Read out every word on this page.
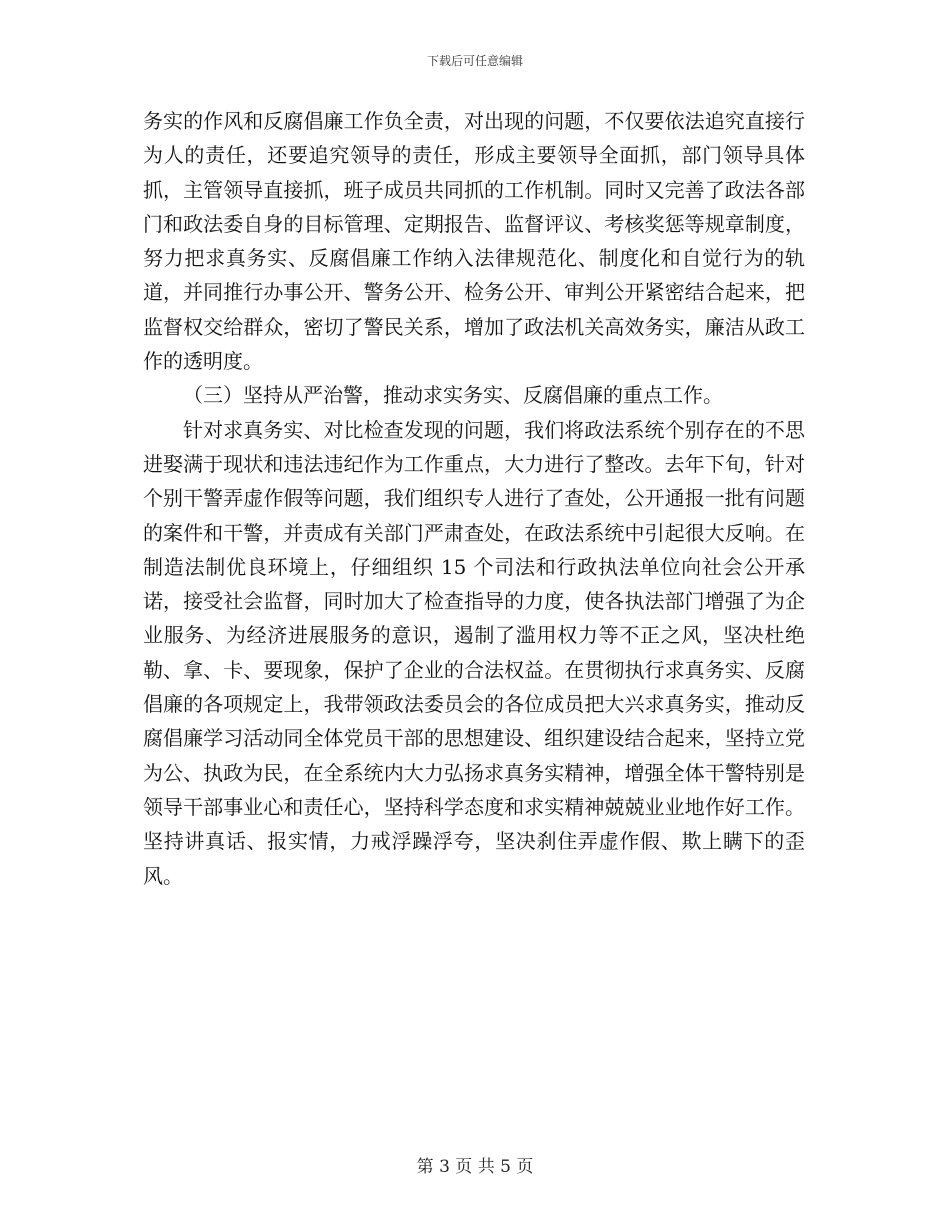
下载后可任意编辑

务实的作风和反腐倡廉工作负全责，对出现的问题，不仅要依法追究直接行为人的责任，还要追究领导的责任，形成主要领导全面抓，部门领导具体抓，主管领导直接抓，班子成员共同抓的工作机制。同时又完善了政法各部门和政法委自身的目标管理、定期报告、监督评议、考核奖惩等规章制度，努力把求真务实、反腐倡廉工作纳入法律规范化、制度化和自觉行为的轨道，并同推行办事公开、警务公开、检务公开、审判公开紧密结合起来，把监督权交给群众，密切了警民关系，增加了政法机关高效务实，廉洁从政工作的透明度。

（三）坚持从严治警，推动求实务实、反腐倡廉的重点工作。

针对求真务实、对比检查发现的问题，我们将政法系统个别存在的不思进娶满于现状和违法违纪作为工作重点，大力进行了整改。去年下旬，针对个别干警弄虚作假等问题，我们组织专人进行了查处，公开通报一批有问题的案件和干警，并责成有关部门严肃查处，在政法系统中引起很大反响。在制造法制优良环境上，仔细组织 15 个司法和行政执法单位向社会公开承诺，接受社会监督，同时加大了检查指导的力度，使各执法部门增强了为企业服务、为经济进展服务的意识，遏制了滥用权力等不正之风，坚决杜绝勒、拿、卡、要现象，保护了企业的合法权益。在贯彻执行求真务实、反腐倡廉的各项规定上，我带领政法委员会的各位成员把大兴求真务实，推动反腐倡廉学习活动同全体党员干部的思想建设、组织建设结合起来，坚持立党为公、执政为民，在全系统内大力弘扬求真务实精神，增强全体干警特别是领导干部事业心和责任心，坚持科学态度和求实精神兢兢业业地作好工作。坚持讲真话、报实情，力戒浮躁浮夸，坚决刹住弄虚作假、欺上瞒下的歪风。

第 3 页 共 5 页
